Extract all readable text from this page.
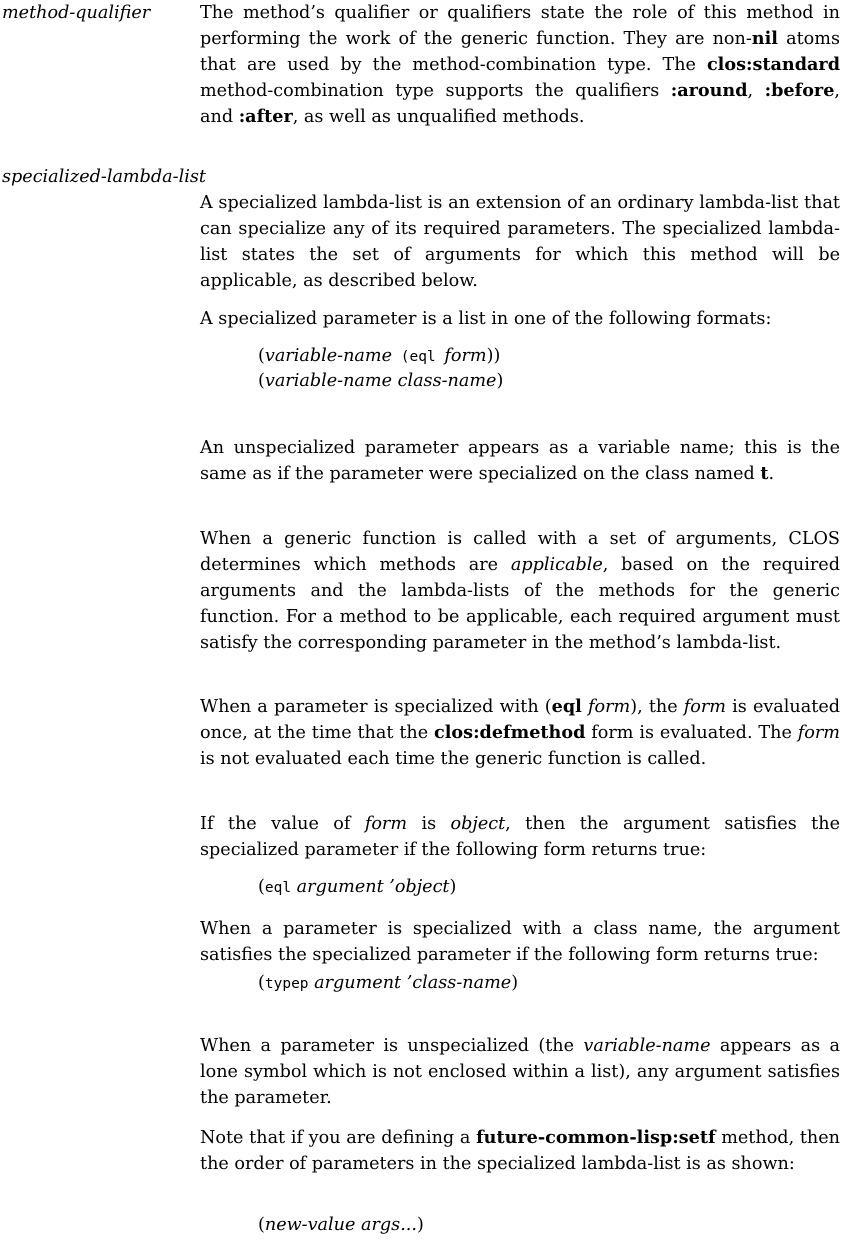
method-qualifier	The method’s qualifier or qualifiers state the role of this method in performing the work of the generic function. They are non-nil atoms that are used by the method-combination type. The clos:standard method-combination type supports the qualifiers :around, :before, and :after, as well as unqualified methods.

specialized-lambda-list

A specialized lambda-list is an extension of an ordinary lambda-list that can specialize any of its required parameters. The specialized lambda-list states the set of arguments for which this method will be applicable, as described below.

A specialized parameter is a list in one of the following formats:

(variable-name (eql form))
(variable-name class-name)

An unspecialized parameter appears as a variable name; this is the same as if the parameter were specialized on the class named t.

When a generic function is called with a set of arguments, CLOS determines which methods are applicable, based on the required arguments and the lambda-lists of the methods for the generic function. For a method to be applicable, each required argument must satisfy the corresponding parameter in the method’s lambda-list.

When a parameter is specialized with (eql form), the form is evaluated once, at the time that the clos:defmethod form is evaluated. The form is not evaluated each time the generic function is called.

If the value of form is object, then the argument satisfies the specialized parameter if the following form returns true:

(eql argument ’object)

When a parameter is specialized with a class name, the argument satisfies the specialized parameter if the following form returns true:

(typep argument ’class-name)

When a parameter is unspecialized (the variable-name appears as a lone symbol which is not enclosed within a list), any argument satisfies the parameter.

Note that if you are defining a future-common-lisp:setf method, then the order of parameters in the specialized lambda-list is as shown:

(new-value args...)
